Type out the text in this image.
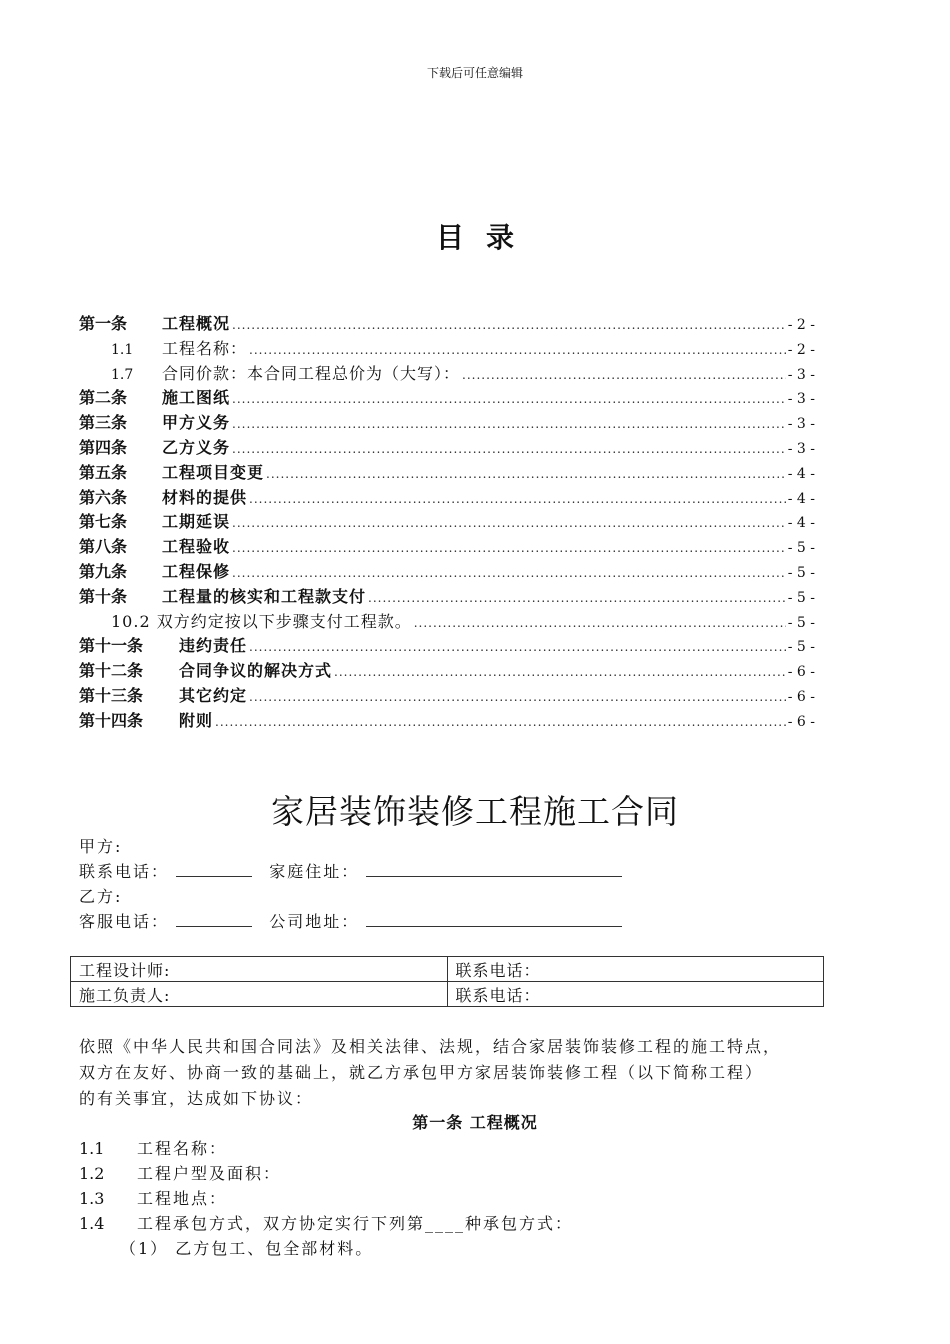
下载后可任意编辑
目录
第一条	工程概况 .....	- 2 -
1.1	工程名称： .....	- 2 -
1.7	合同价款：本合同工程总价为（大写）： .....	- 3 -
第二条	施工图纸 .....	- 3 -
第三条	甲方义务 .....	- 3 -
第四条	乙方义务 .....	- 3 -
第五条	工程项目变更 .....	- 4 -
第六条	材料的提供 .....	- 4 -
第七条	工期延误 .....	- 4 -
第八条	工程验收 .....	- 5 -
第九条	工程保修 .....	- 5 -
第十条	工程量的核实和工程款支付 .....	- 5 -
10.2 双方约定按以下步骤支付工程款。 .....	- 5 -
第十一条	违约责任 .....	- 5 -
第十二条	合同争议的解决方式 .....	- 6 -
第十三条	其它约定 .....	- 6 -
第十四条	附则 .....	- 6 -
家居装饰装修工程施工合同
甲方:
联系电话：	家庭住址：
乙方:
客服电话：	公司地址：
工程设计师:	联系电话：
施工负责人:	联系电话：
依照《中华人民共和国合同法》及相关法律、法规，结合家居装饰装修工程的施工特点，
双方在友好、协商一致的基础上，就乙方承包甲方家居装饰装修工程（以下简称工程）
的有关事宜，达成如下协议：
第一条 工程概况
1.1 工程名称：
1.2 工程户型及面积：
1.3 工程地点：
1.4 工程承包方式，双方协定实行下列第____种承包方式：
（1） 乙方包工、包全部材料。
